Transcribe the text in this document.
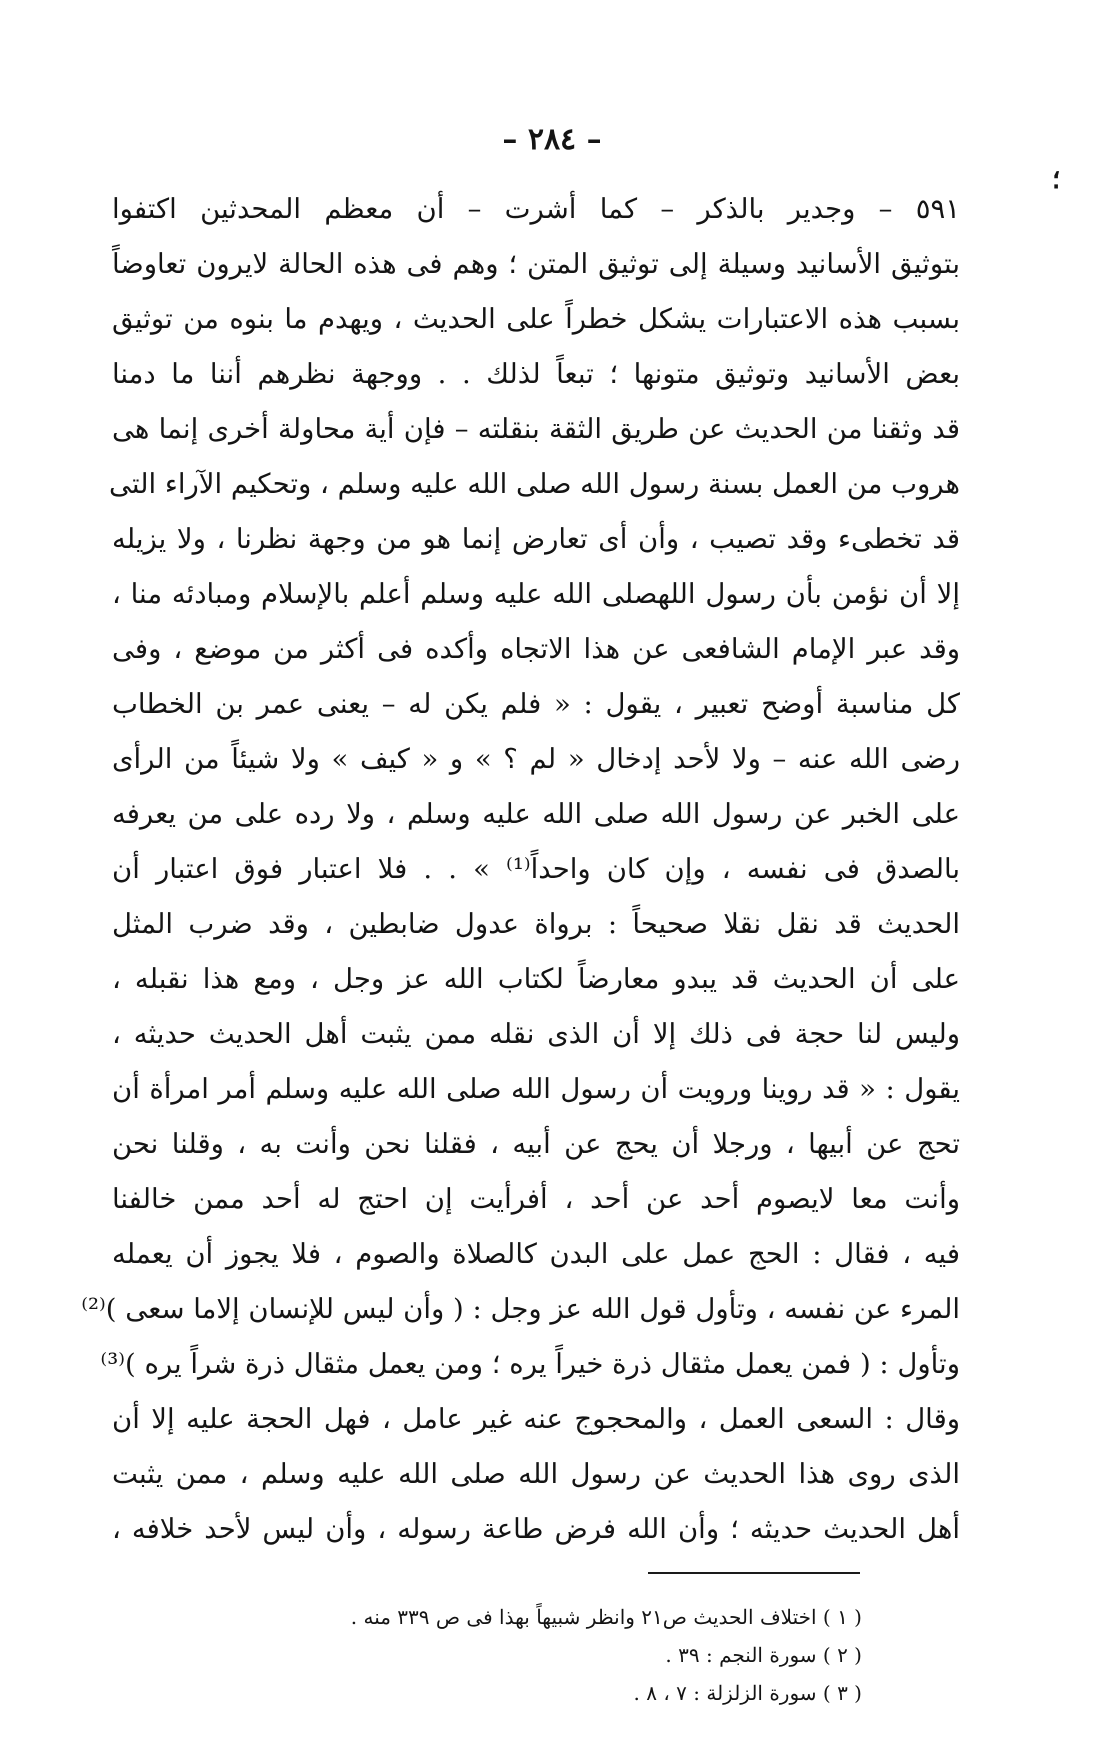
– ٢٨٤ –
؛
٥٩١ – وجدير بالذكر – كما أشرت – أن معظم المحدثين اكتفوا
بتوثيق الأسانيد وسيلة إلى توثيق المتن ؛ وهم فى هذه الحالة لايرون تعاوضاً
بسبب هذه الاعتبارات يشكل خطراً على الحديث ، ويهدم ما بنوه من توثيق
بعض الأسانيد وتوثيق متونها ؛ تبعاً لذلك . . ووجهة نظرهم أننا ما دمنا
قد وثقنا من الحديث عن طريق الثقة بنقلته – فإن أية محاولة أخرى إنما هى
هروب من العمل بسنة رسول الله صلى الله عليه وسلم ، وتحكيم الآراء التى
قد تخطىء وقد تصيب ، وأن أى تعارض إنما هو من وجهة نظرنا ، ولا يزيله
إلا أن نؤمن بأن رسول اللهصلى الله عليه وسلم أعلم بالإسلام ومبادئه منا ،
وقد عبر الإمام الشافعى عن هذا الاتجاه وأكده فى أكثر من موضع ، وفى
كل مناسبة أوضح تعبير ، يقول : « فلم يكن له – يعنى عمر بن الخطاب
رضى الله عنه – ولا لأحد إدخال « لم ؟ » و « كيف » ولا شيئاً من الرأى
على الخبر عن رسول الله صلى الله عليه وسلم ، ولا رده على من يعرفه
بالصدق فى نفسه ، وإن كان واحداً⁽¹⁾ » . . فلا اعتبار فوق اعتبار أن
الحديث قد نقل نقلا صحيحاً : برواة عدول ضابطين ، وقد ضرب المثل
على أن الحديث قد يبدو معارضاً لكتاب الله عز وجل ، ومع هذا نقبله ،
وليس لنا حجة فى ذلك إلا أن الذى نقله ممن يثبت أهل الحديث حديثه ،
يقول : « قد روينا ورويت أن رسول الله صلى الله عليه وسلم أمر امرأة أن
تحج عن أبيها ، ورجلا أن يحج عن أبيه ، فقلنا نحن وأنت به ، وقلنا نحن
وأنت معا لايصوم أحد عن أحد ، أفرأيت إن احتج له أحد ممن خالفنا
فيه ، فقال : الحج عمل على البدن كالصلاة والصوم ، فلا يجوز أن يعمله
المرء عن نفسه ، وتأول قول الله عز وجل : ( وأن ليس للإنسان إلاما سعى )⁽²⁾
وتأول : ( فمن يعمل مثقال ذرة خيراً يره ؛ ومن يعمل مثقال ذرة شراً يره )⁽³⁾
وقال : السعى العمل ، والمحجوج عنه غير عامل ، فهل الحجة عليه إلا أن
الذى روى هذا الحديث عن رسول الله صلى الله عليه وسلم ، ممن يثبت
أهل الحديث حديثه ؛ وأن الله فرض طاعة رسوله ، وأن ليس لأحد خلافه ،
( ١ ) اختلاف الحديث ص٢١ وانظر شبيهاً بهذا فى ص ٣٣٩ منه .
( ٢ ) سورة النجم : ٣٩ .
( ٣ ) سورة الزلزلة : ٧ ، ٨ .
